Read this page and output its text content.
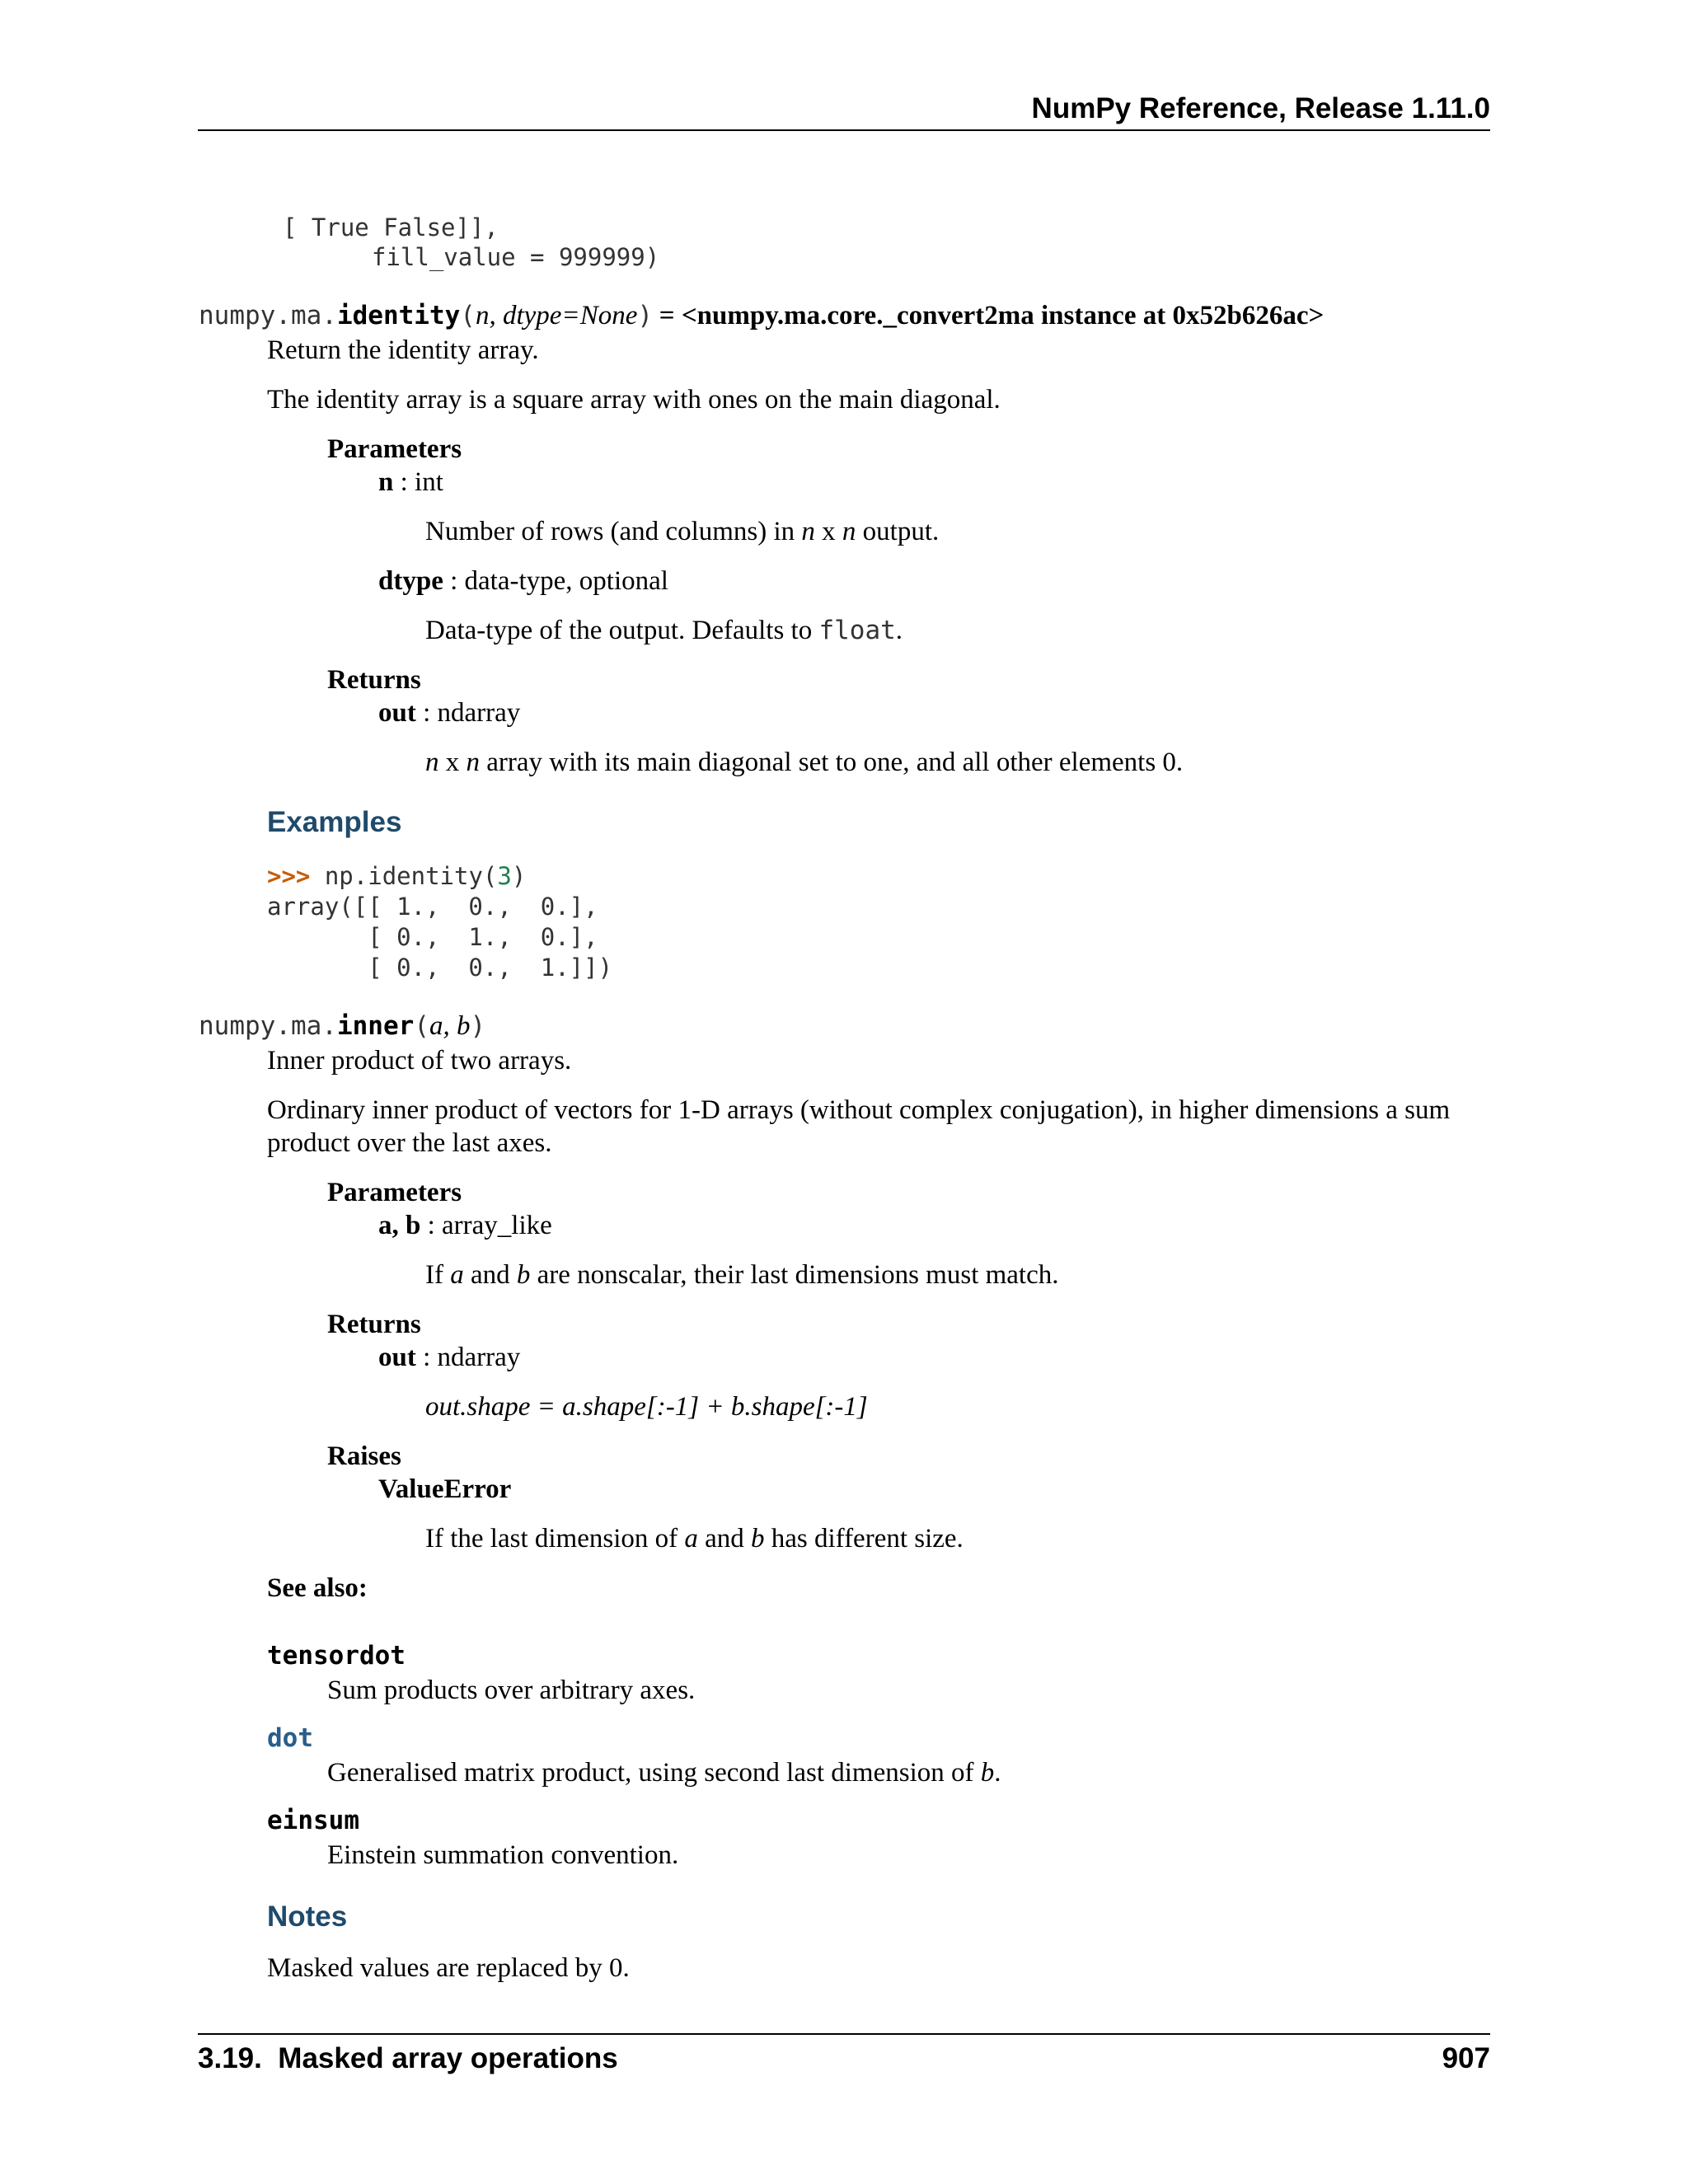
NumPy Reference, Release 1.11.0
[ True False]],
fill_value = 999999)
numpy.ma.identity(n, dtype=None) = <numpy.ma.core._convert2ma instance at 0x52b626ac>
Return the identity array.
The identity array is a square array with ones on the main diagonal.
Parameters
n : int
Number of rows (and columns) in n x n output.
dtype : data-type, optional
Data-type of the output. Defaults to float.
Returns
out : ndarray
n x n array with its main diagonal set to one, and all other elements 0.
Examples
>>> np.identity(3)
array([[ 1.,  0.,  0.],
[ 0.,  1.,  0.],
[ 0.,  0.,  1.]])
numpy.ma.inner(a, b)
Inner product of two arrays.
Ordinary inner product of vectors for 1-D arrays (without complex conjugation), in higher dimensions a sum
product over the last axes.
Parameters
a, b : array_like
If a and b are nonscalar, their last dimensions must match.
Returns
out : ndarray
out.shape = a.shape[:-1] + b.shape[:-1]
Raises
ValueError
If the last dimension of a and b has different size.
See also:
tensordot
Sum products over arbitrary axes.
dot
Generalised matrix product, using second last dimension of b.
einsum
Einstein summation convention.
Notes
Masked values are replaced by 0.
3.19.  Masked array operations	907
